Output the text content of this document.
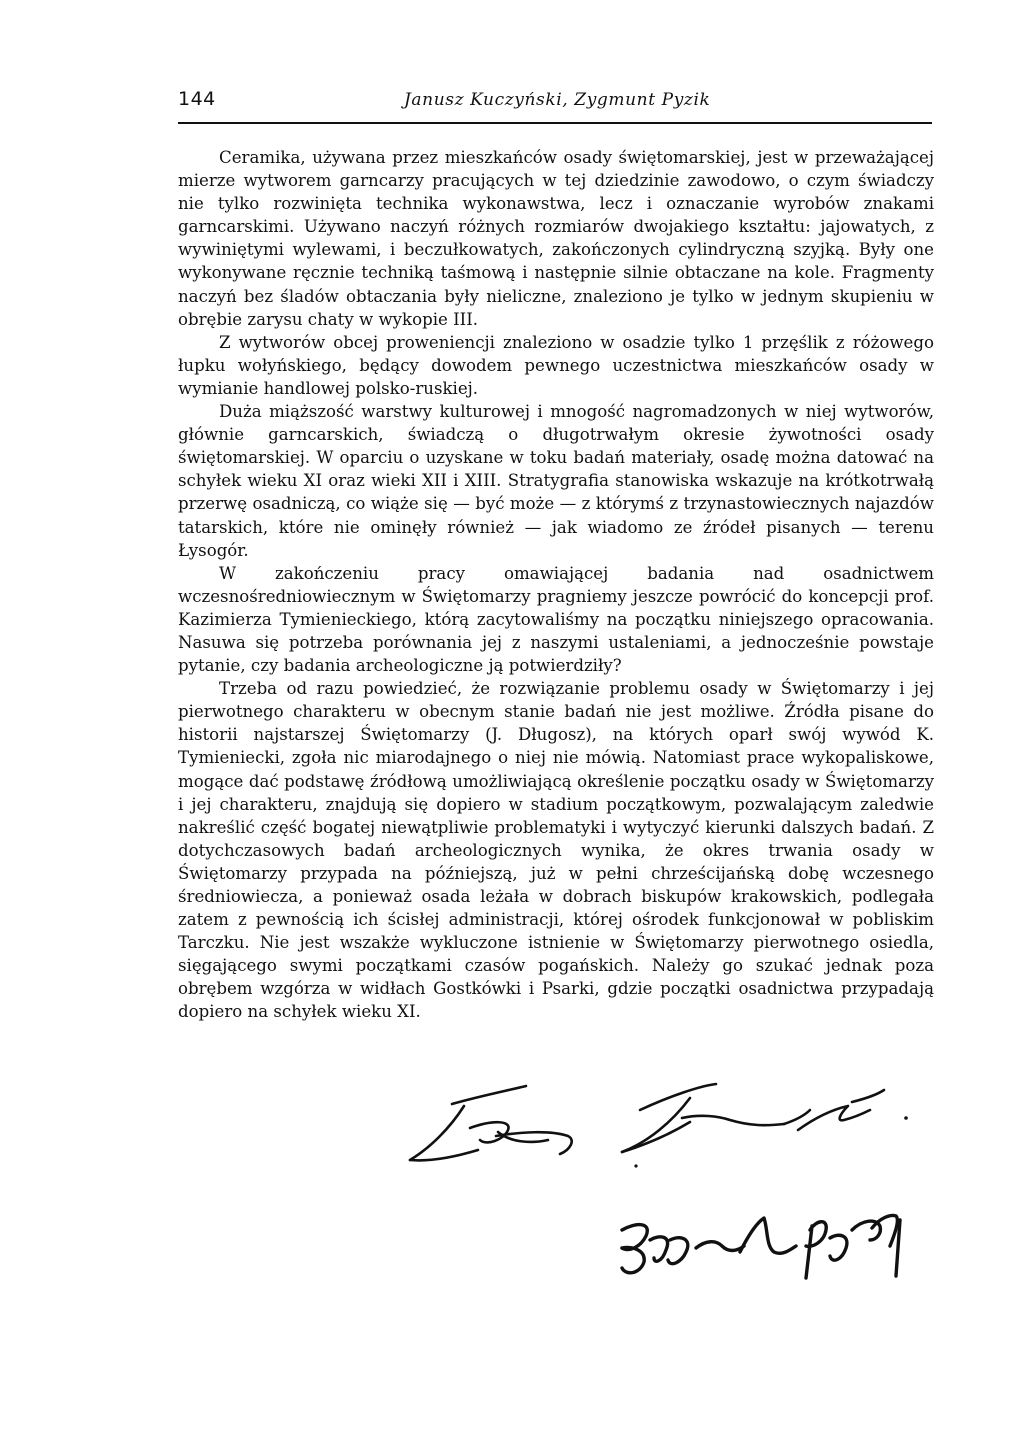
144	Janusz Kuczyński, Zygmunt Pyzik

Ceramika, używana przez mieszkańców osady świętomarskiej, jest w przeważającej mierze wytworem garncarzy pracujących w tej dziedzinie zawodowo, o czym świadczy nie tylko rozwinięta technika wykonawstwa, lecz i oznaczanie wyrobów znakami garncarskimi. Używano naczyń różnych rozmiarów dwojakiego kształtu: jajowatych, z wywiniętymi wylewami, i beczułkowatych, zakończonych cylindryczną szyjką. Były one wykonywane ręcznie techniką taśmową i następnie silnie obtaczane na kole. Fragmenty naczyń bez śladów obtaczania były nieliczne, znaleziono je tylko w jednym skupieniu w obrębie zarysu chaty w wykopie III.

Z wytworów obcej proweniencji znaleziono w osadzie tylko 1 przęślik z różowego łupku wołyńskiego, będący dowodem pewnego uczestnictwa mieszkańców osady w wymianie handlowej polsko-ruskiej.

Duża miąższość warstwy kulturowej i mnogość nagromadzonych w niej wytworów, głównie garncarskich, świadczą o długotrwałym okresie żywotności osady świętomarskiej. W oparciu o uzyskane w toku badań materiały, osadę można datować na schyłek wieku XI oraz wieki XII i XIII. Stratygrafia stanowiska wskazuje na krótkotrwałą przerwę osadniczą, co wiąże się — być może — z którymś z trzynastowiecznych najazdów tatarskich, które nie ominęły również — jak wiadomo ze źródeł pisanych — terenu Łysogór.

W zakończeniu pracy omawiającej badania nad osadnictwem wczesnośredniowiecznym w Świętomarzy pragniemy jeszcze powrócić do koncepcji prof. Kazimierza Tymienieckiego, którą zacytowaliśmy na początku niniejszego opracowania. Nasuwa się potrzeba porównania jej z naszymi ustaleniami, a jednocześnie powstaje pytanie, czy badania archeologiczne ją potwierdziły?

Trzeba od razu powiedzieć, że rozwiązanie problemu osady w Świętomarzy i jej pierwotnego charakteru w obecnym stanie badań nie jest możliwe. Źródła pisane do historii najstarszej Świętomarzy (J. Długosz), na których oparł swój wywód K. Tymieniecki, zgoła nic miarodajnego o niej nie mówią. Natomiast prace wykopaliskowe, mogące dać podstawę źródłową umożliwiającą określenie początku osady w Świętomarzy i jej charakteru, znajdują się dopiero w stadium początkowym, pozwalającym zaledwie nakreślić część bogatej niewątpliwie problematyki i wytyczyć kierunki dalszych badań. Z dotychczasowych badań archeologicznych wynika, że okres trwania osady w Świętomarzy przypada na późniejszą, już w pełni chrześcijańską dobę wczesnego średniowiecza, a ponieważ osada leżała w dobrach biskupów krakowskich, podlegała zatem z pewnością ich ścisłej administracji, której ośrodek funkcjonował w pobliskim Tarczku. Nie jest wszakże wykluczone istnienie w Świętomarzy pierwotnego osiedla, sięgającego swymi początkami czasów pogańskich. Należy go szukać jednak poza obrębem wzgórza w widłach Gostkówki i Psarki, gdzie początki osadnictwa przypadają dopiero na schyłek wieku XI.
